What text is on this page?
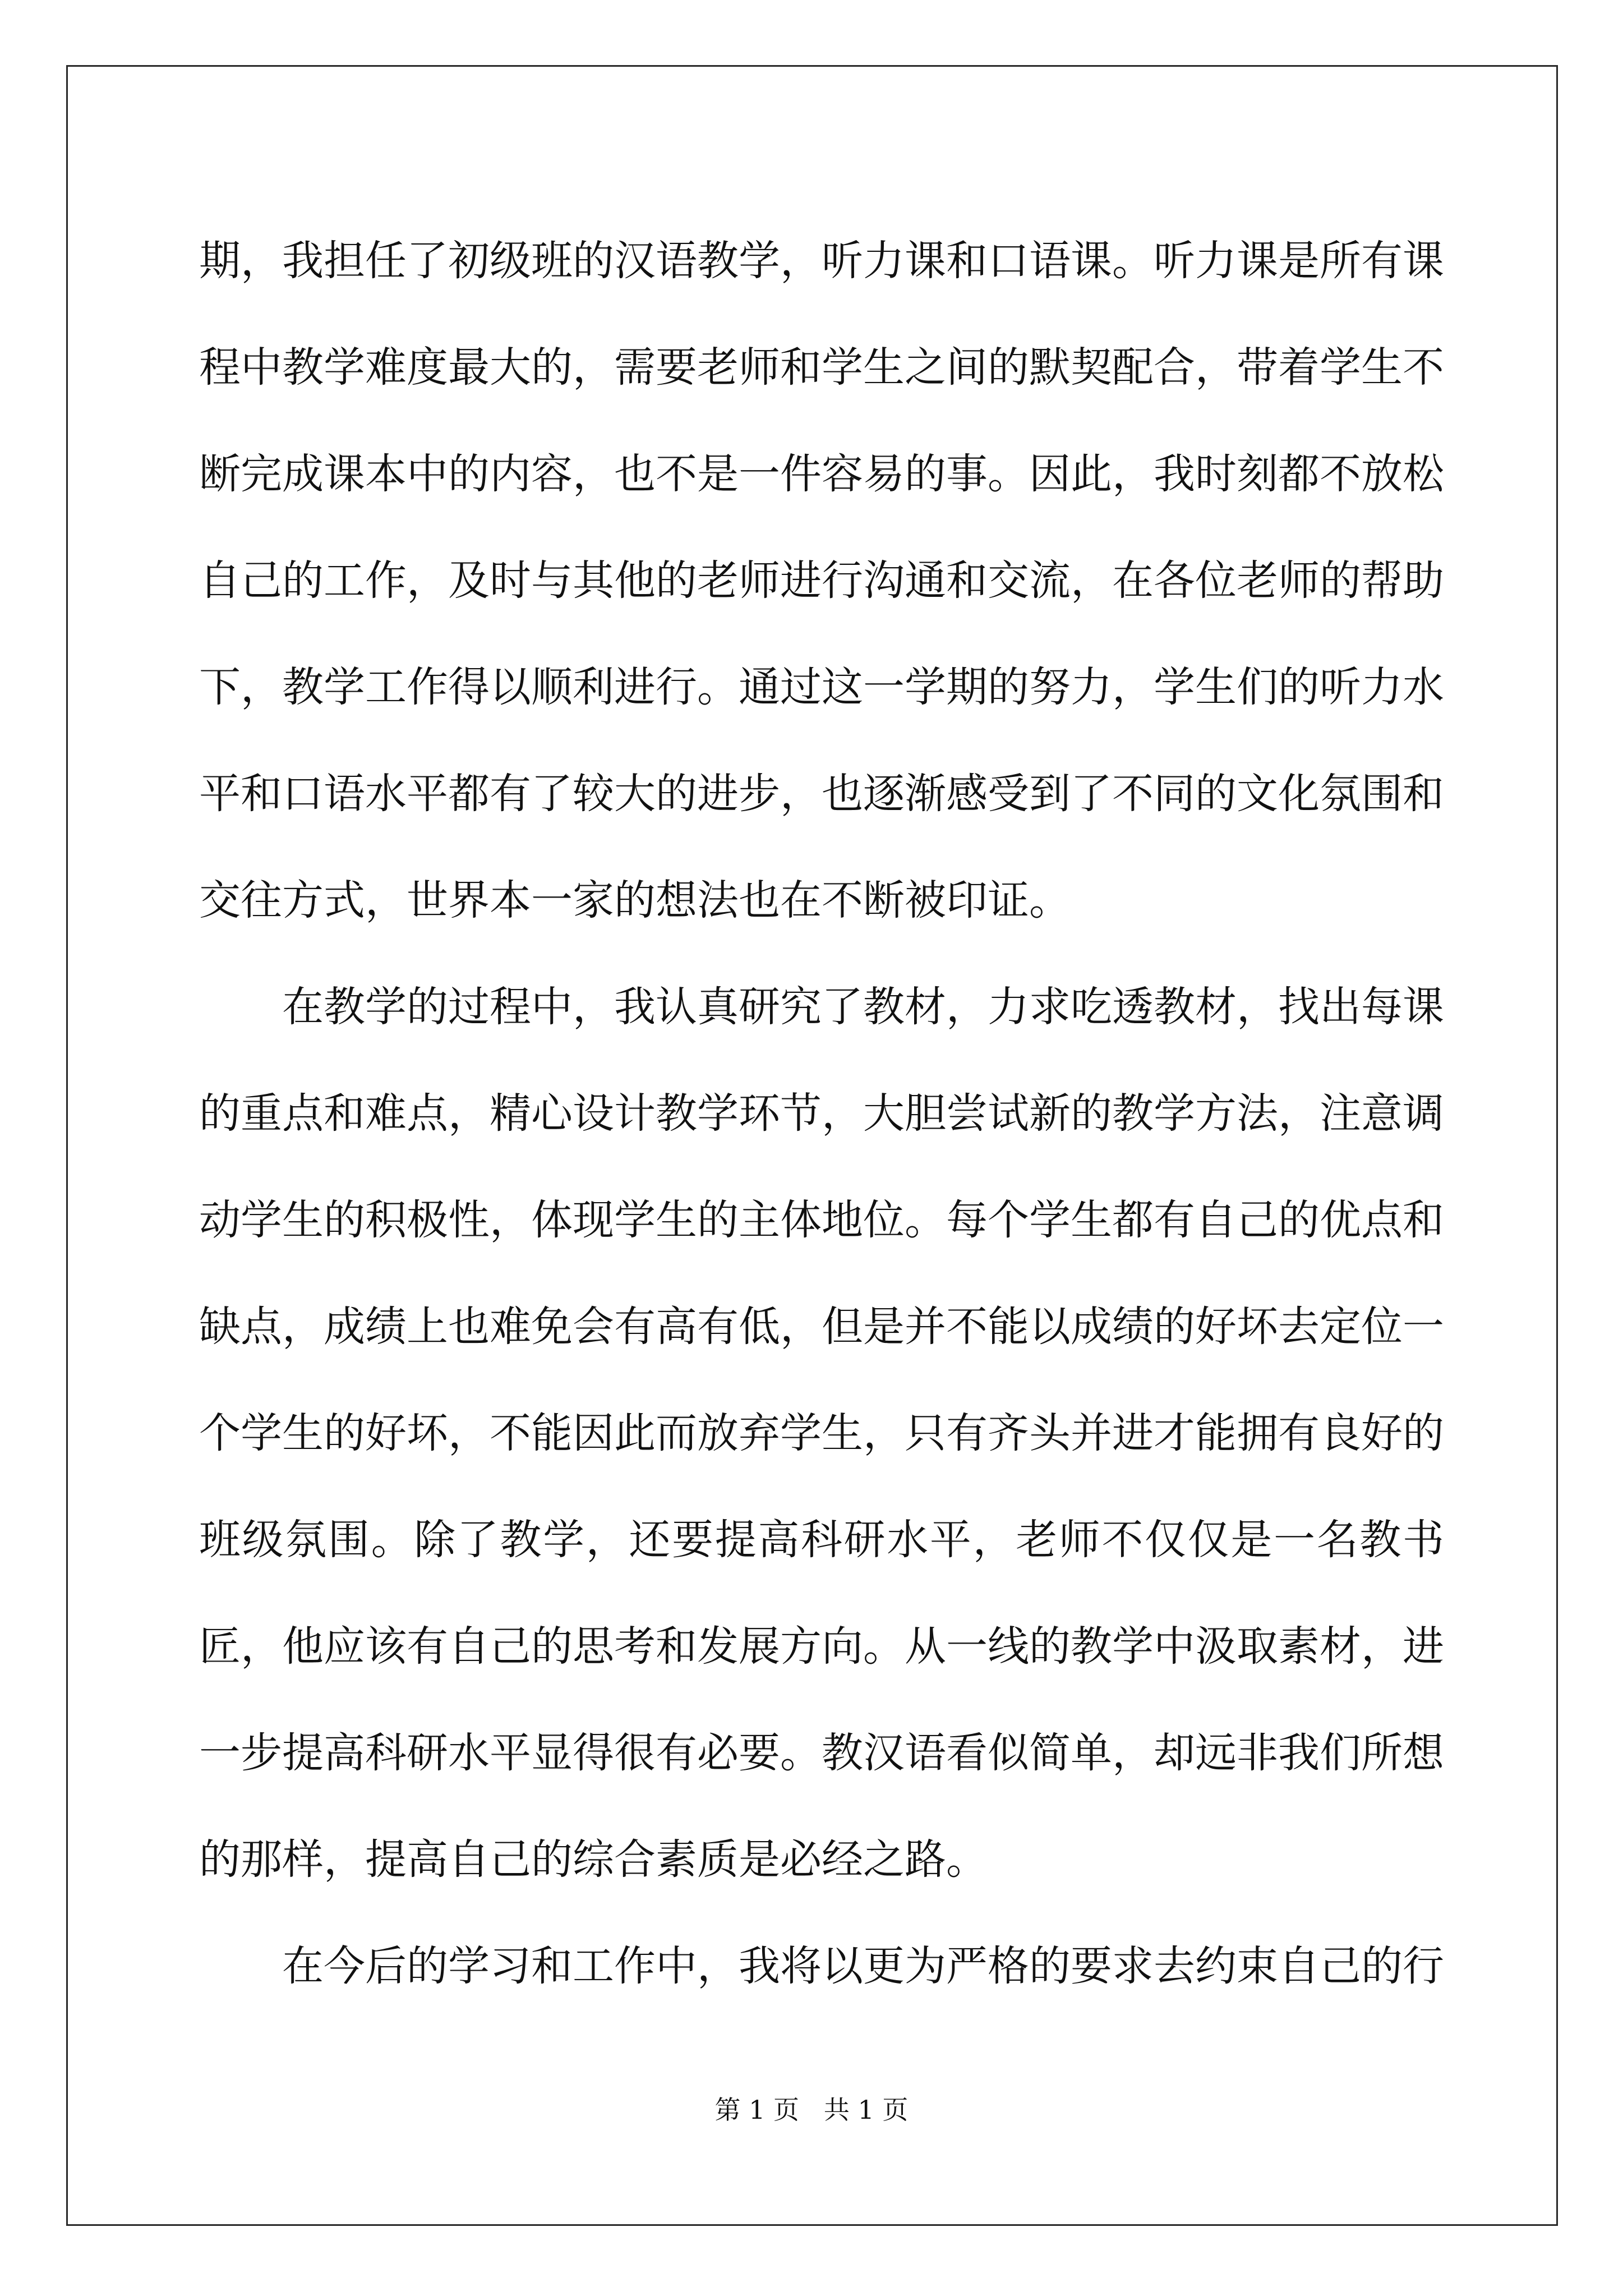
期，我担任了初级班的汉语教学，听力课和口语课。听力课是所有课程中教学难度最大的，需要老师和学生之间的默契配合，带着学生不断完成课本中的内容，也不是一件容易的事。因此，我时刻都不放松自己的工作，及时与其他的老师进行沟通和交流，在各位老师的帮助下，教学工作得以顺利进行。通过这一学期的努力，学生们的听力水平和口语水平都有了较大的进步，也逐渐感受到了不同的文化氛围和交往方式，世界本一家的想法也在不断被印证。

在教学的过程中，我认真研究了教材，力求吃透教材，找出每课的重点和难点，精心设计教学环节，大胆尝试新的教学方法，注意调动学生的积极性，体现学生的主体地位。每个学生都有自己的优点和缺点，成绩上也难免会有高有低，但是并不能以成绩的好坏去定位一个学生的好坏，不能因此而放弃学生，只有齐头并进才能拥有良好的班级氛围。除了教学，还要提高科研水平，老师不仅仅是一名教书匠，他应该有自己的思考和发展方向。从一线的教学中汲取素材，进一步提高科研水平显得很有必要。教汉语看似简单，却远非我们所想的那样，提高自己的综合素质是必经之路。

在今后的学习和工作中，我将以更为严格的要求去约束自己的行

第 1 页   共 1 页
